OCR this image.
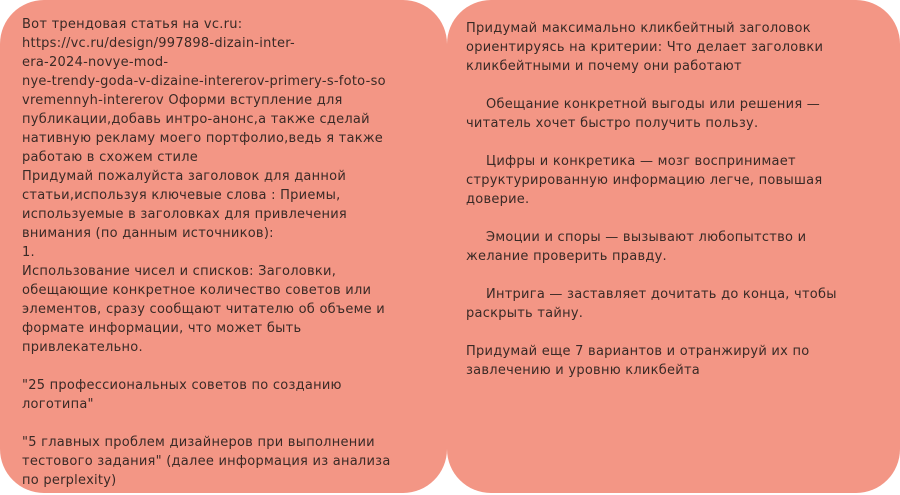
Вот трендовая статья на vc.ru:
https://vc.ru/design/997898-dizain-inter-
era-2024-novye-mod-
nye-trendy-goda-v-dizaine-intererov-primery-s-foto-so
vremennyh-intererov Оформи вступление для
публикации,добавь интро-анонс,а также сделай
нативную рекламу моего портфолио,ведь я также
работаю в схожем стиле
Придумай пожалуйста заголовок для данной
статьи,используя ключевые слова : Приемы,
используемые в заголовках для привлечения
внимания (по данным источников):
1.
Использование чисел и списков: Заголовки,
обещающие конкретное количество советов или
элементов, сразу сообщают читателю об объеме и
формате информации, что может быть
привлекательно.
"25 профессиональных советов по созданию
логотипа"
"5 главных проблем дизайнеров при выполнении
тестового задания" (далее информация из анализа
по perplexity)
Придумай максимально кликбейтный заголовок
ориентируясь на критерии: Что делает заголовки
кликбейтными и почему они работают
Обещание конкретной выгоды или решения —
читатель хочет быстро получить пользу.
Цифры и конкретика — мозг воспринимает
структурированную информацию легче, повышая
доверие.
Эмоции и споры — вызывают любопытство и
желание проверить правду.
Интрига — заставляет дочитать до конца, чтобы
раскрыть тайну.
Придумай еще 7 вариантов и отранжируй их по
завлечению и уровню кликбейта
